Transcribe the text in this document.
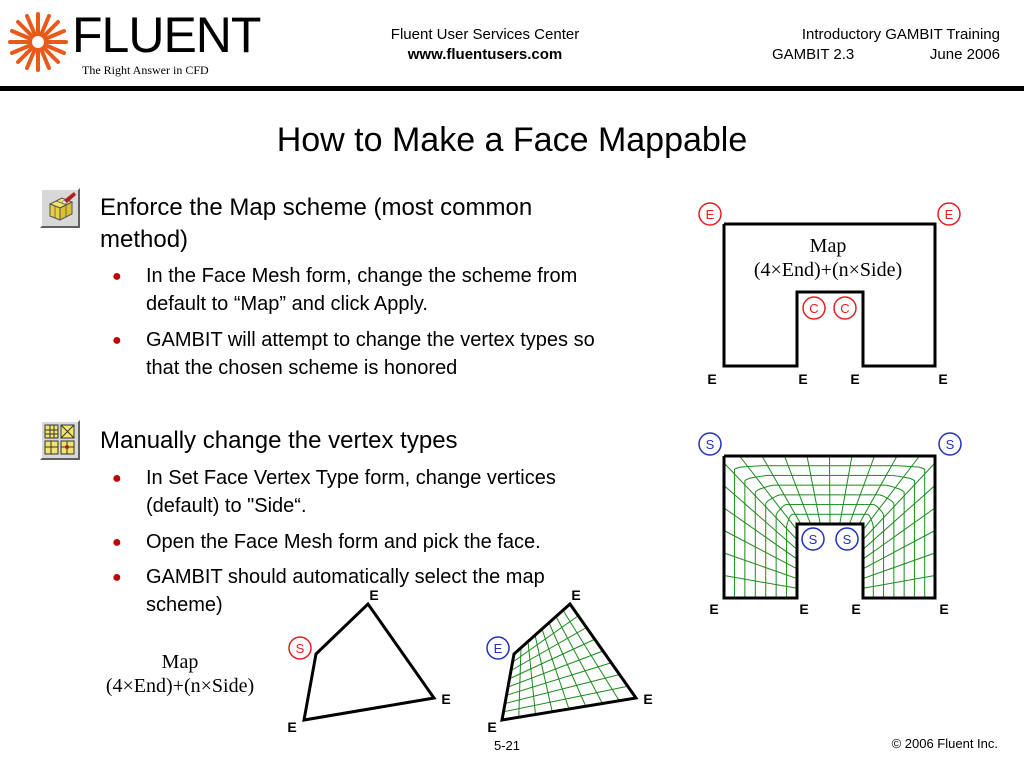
FLUENT
The Right Answer in CFD
Fluent User Services Center
www.fluentusers.com
Introductory GAMBIT Training
GAMBIT 2.3	June 2006
How to Make a Face Mappable
Enforce the Map scheme (most common
method)
● In the Face Mesh form, change the scheme from
default to “Map” and click Apply.
● GAMBIT will attempt to change the vertex types so
that the chosen scheme is honored
Manually change the vertex types
● In Set Face Vertex Type form, change vertices
(default) to "Side“.
● Open the Face Mesh form and pick the face.
● GAMBIT should automatically select the map
scheme)
Map
(4×End)+(n×Side)
E	E
C C
E	E	E	E
S	S
S S
E	E	E	E
Map
(4×End)+(n×Side)
S
E
E
E
E
E
E
E
5-21	© 2006 Fluent Inc.
